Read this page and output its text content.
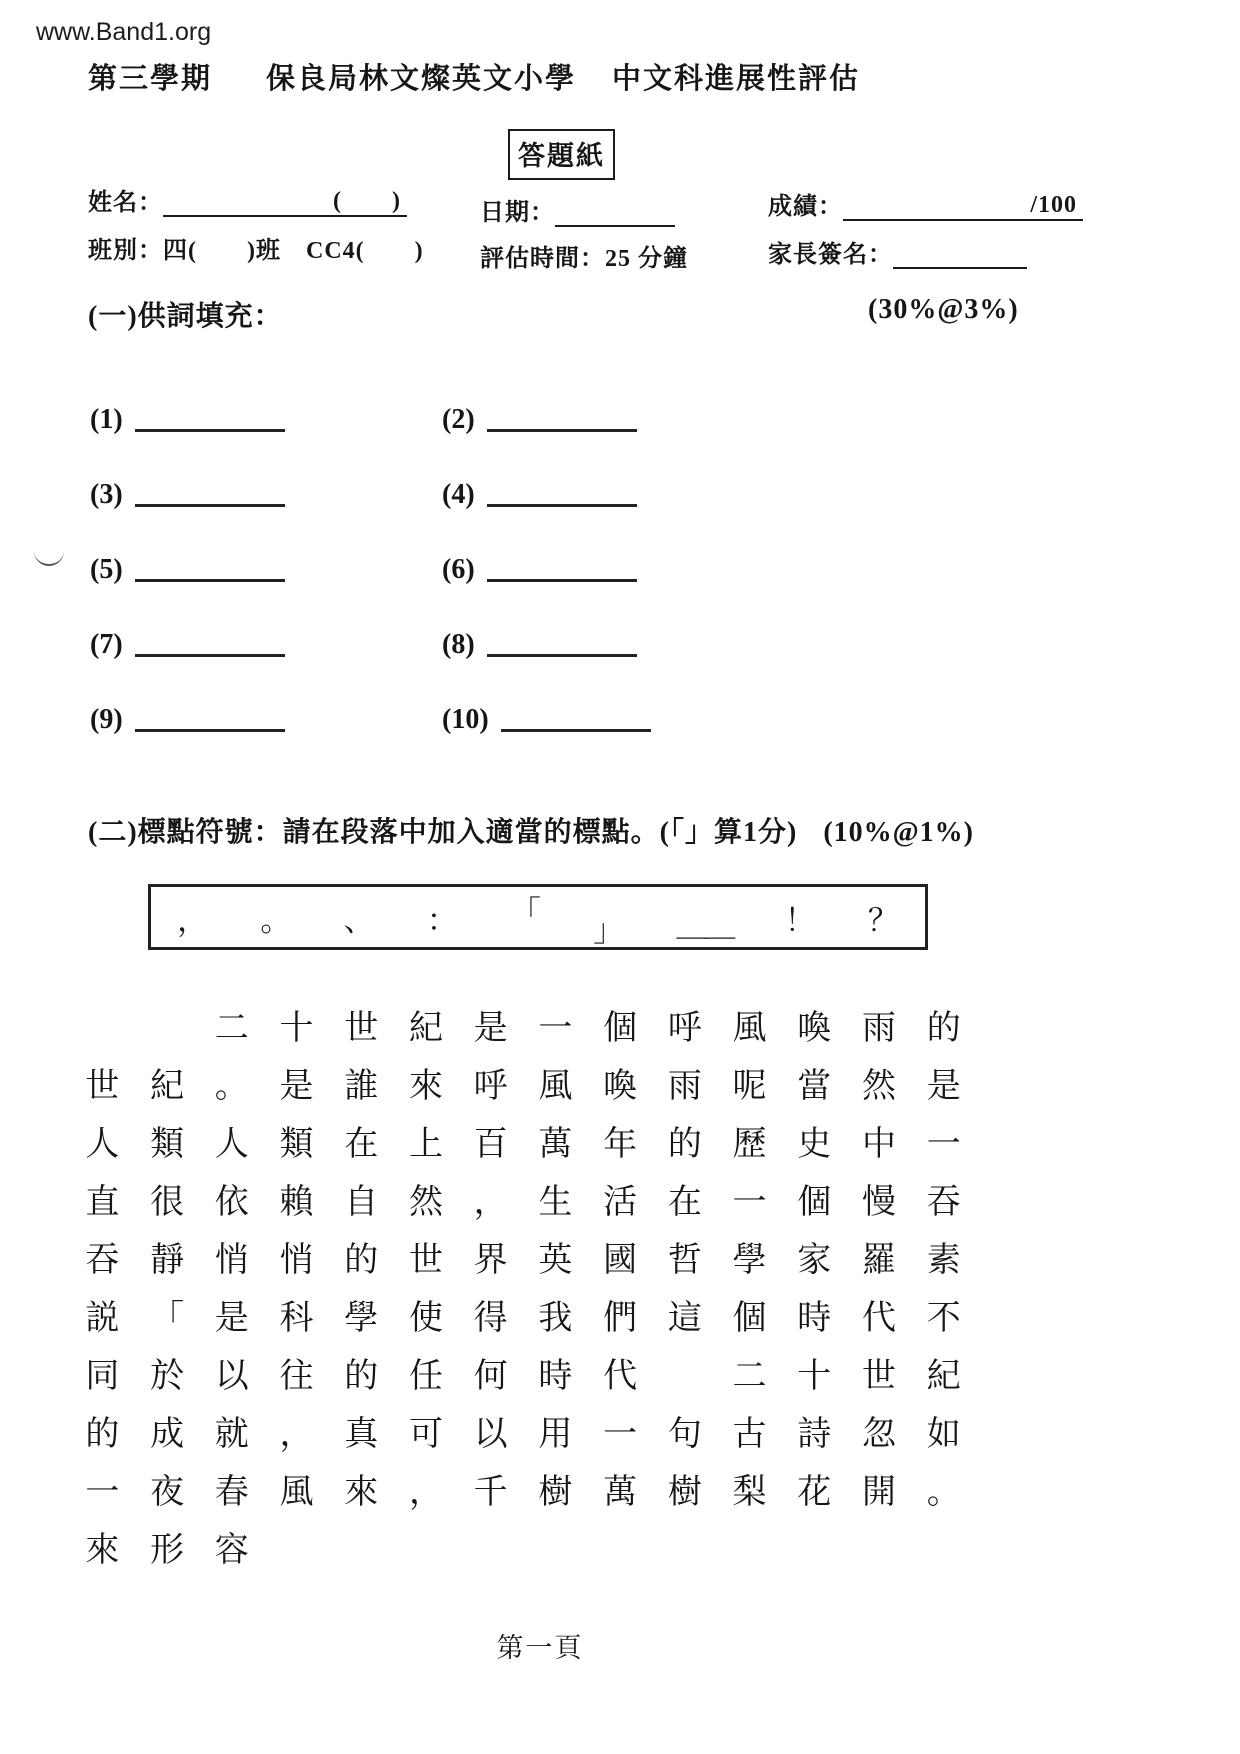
www.Band1.org
第三學期 保良局林文燦英文小學 中文科進展性評估
答題紙
姓名：	(　　)	日期：	成績：	/100
班別： 四(　　)班　CC4(　　) 評估時間： 25 分鐘	家長簽名：
(一)供詞填充：	(30%@3%)
(1)	(2)
(3)	(4)
(5)	(6)
(7)	(8)
(9)	(10)
(二)標點符號：請在段落中加入適當的標點。(「」算1分) (10%@1%)
， 。 、 ： 「
」 ＿＿ ！ ？
二 十 世 紀 是 一 個 呼 風 喚 雨 的
世 紀 。 是 誰 來 呼 風 喚 雨 呢 當 然 是
人 類 人 類 在 上 百 萬 年 的 歷 史 中 一
直 很 依 賴 自 然 ， 生 活 在 一 個 慢 吞
吞 靜 悄 悄 的 世 界 英 國 哲 學 家 羅 素
説 「 是 科 學 使 得 我 們 這 個 時 代 不
同 於 以 往 的 任 何 時 代	二 十 世 紀
的 成 就 ， 真 可 以 用 一 句 古 詩 忽 如
一 夜 春 風 來 ， 千 樹 萬 樹 梨 花 開 。
來 形 容
第一頁
